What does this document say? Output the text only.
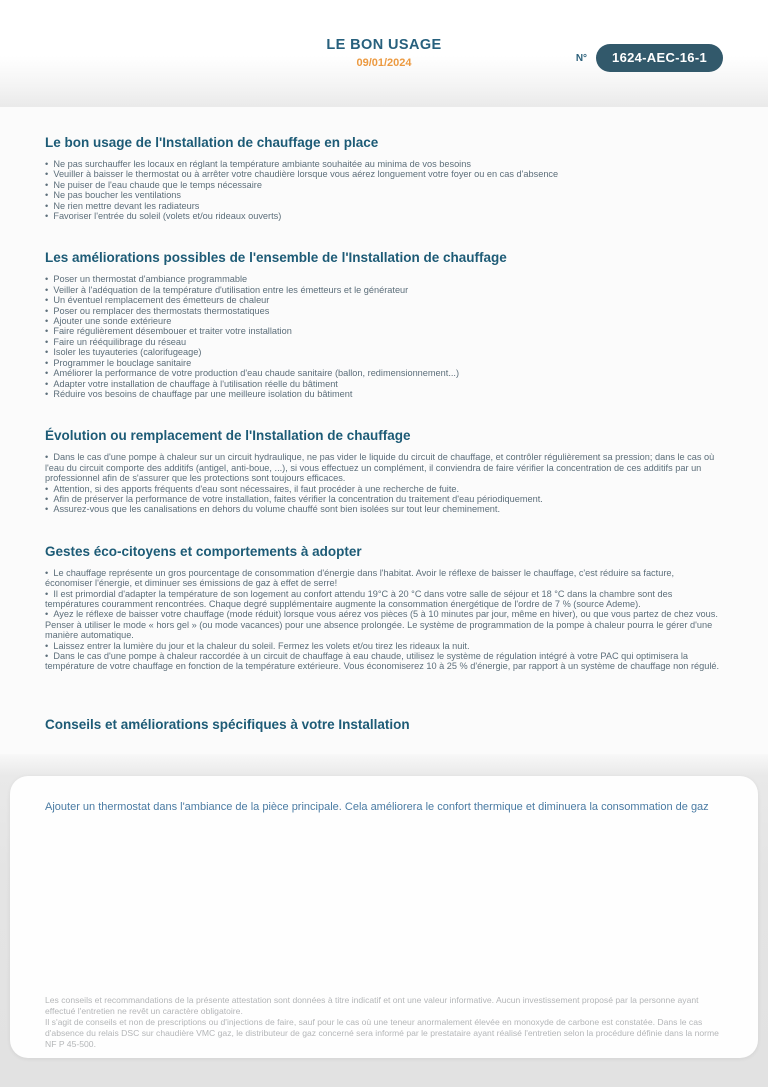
LE BON USAGE
09/01/2024	N°	1624-AEC-16-1
Le bon usage de l'Installation de chauffage en place
•  Ne pas surchauffer les locaux en réglant la température ambiante souhaitée au minima de vos besoins
•  Veuiller à baisser le thermostat ou à arrêter votre chaudière lorsque vous aérez longuement votre foyer ou en cas d'absence
•  Ne puiser de l'eau chaude que le temps nécessaire
•  Ne pas boucher les ventilations
•  Ne rien mettre devant les radiateurs
•  Favoriser l'entrée du soleil (volets et/ou rideaux ouverts)
Les améliorations possibles de l'ensemble de l'Installation de chauffage
•  Poser un thermostat d'ambiance programmable
•  Veiller à l'adéquation de la température d'utilisation entre les émetteurs et le générateur
•  Un éventuel remplacement des émetteurs de chaleur
•  Poser ou remplacer des thermostats thermostatiques
•  Ajouter une sonde extérieure
•  Faire régulièrement désembouer et traiter votre installation
•  Faire un rééquilibrage du réseau
•  Isoler les tuyauteries (calorifugeage)
•  Programmer le bouclage sanitaire
•  Améliorer la performance de votre production d'eau chaude sanitaire (ballon, redimensionnement...)
•  Adapter votre installation de chauffage à l'utilisation réelle du bâtiment
•  Réduire vos besoins de chauffage par une meilleure isolation du bâtiment
Évolution ou remplacement de l'Installation de chauffage
•  Dans le cas d'une pompe à chaleur sur un circuit hydraulique, ne pas vider le liquide du circuit de chauffage, et contrôler régulièrement sa pression; dans le cas où l'eau du circuit comporte des additifs (antigel, anti-boue, ...), si vous effectuez un complément, il conviendra de faire vérifier la concentration de ces additifs par un professionnel afin de s'assurer que les protections sont toujours efficaces.
•  Attention, si des apports fréquents d'eau sont nécessaires, il faut procéder à une recherche de fuite.
•  Afin de préserver la performance de votre installation, faites vérifier la concentration du traitement d'eau périodiquement.
•  Assurez-vous que les canalisations en dehors du volume chauffé sont bien isolées sur tout leur cheminement.
Gestes éco-citoyens et comportements à adopter
•  Le chauffage représente un gros pourcentage de consommation d'énergie dans l'habitat. Avoir le réflexe de baisser le chauffage, c'est réduire sa facture, économiser l'énergie, et diminuer ses émissions de gaz à effet de serre!
•  Il est primordial d'adapter la température de son logement au confort attendu 19°C à 20 °C dans votre salle de séjour et 18 °C dans la chambre sont des températures couramment rencontrées. Chaque degré supplémentaire augmente la consommation énergétique de l'ordre de 7 % (source Ademe).
•  Ayez le réflexe de baisser votre chauffage (mode réduit) lorsque vous aérez vos pièces (5 à 10 minutes par jour, même en hiver), ou que vous partez de chez vous. Penser à utiliser le mode « hors gel » (ou mode vacances) pour une absence prolongée. Le système de programmation de la pompe à chaleur pourra le gérer d'une manière automatique.
•  Laissez entrer la lumière du jour et la chaleur du soleil. Fermez les volets et/ou tirez les rideaux la nuit.
•  Dans le cas d'une pompe à chaleur raccordée à un circuit de chauffage à eau chaude, utilisez le système de régulation intégré à votre PAC qui optimisera la température de votre chauffage en fonction de la température extérieure. Vous économiserez 10 à 25 % d'énergie, par rapport à un système de chauffage non régulé.
Conseils et améliorations spécifiques à votre Installation
Ajouter un thermostat dans l'ambiance de la pièce principale. Cela améliorera le confort thermique et diminuera la consommation de gaz

Les conseils et recommandations de la présente attestation sont données à titre indicatif et ont une valeur informative. Aucun investissement proposé par la personne ayant effectué l'entretien ne revêt un caractère obligatoire.

Il s'agit de conseils et non de prescriptions ou d'injections de faire, sauf pour le cas où une teneur anormalement élevée en monoxyde de carbone est constatée. Dans le cas d'absence du relais DSC sur chaudière VMC gaz, le distributeur de gaz concerné sera informé par le prestataire ayant réalisé l'entretien selon la procédure définie dans la norme NF P 45-500.
